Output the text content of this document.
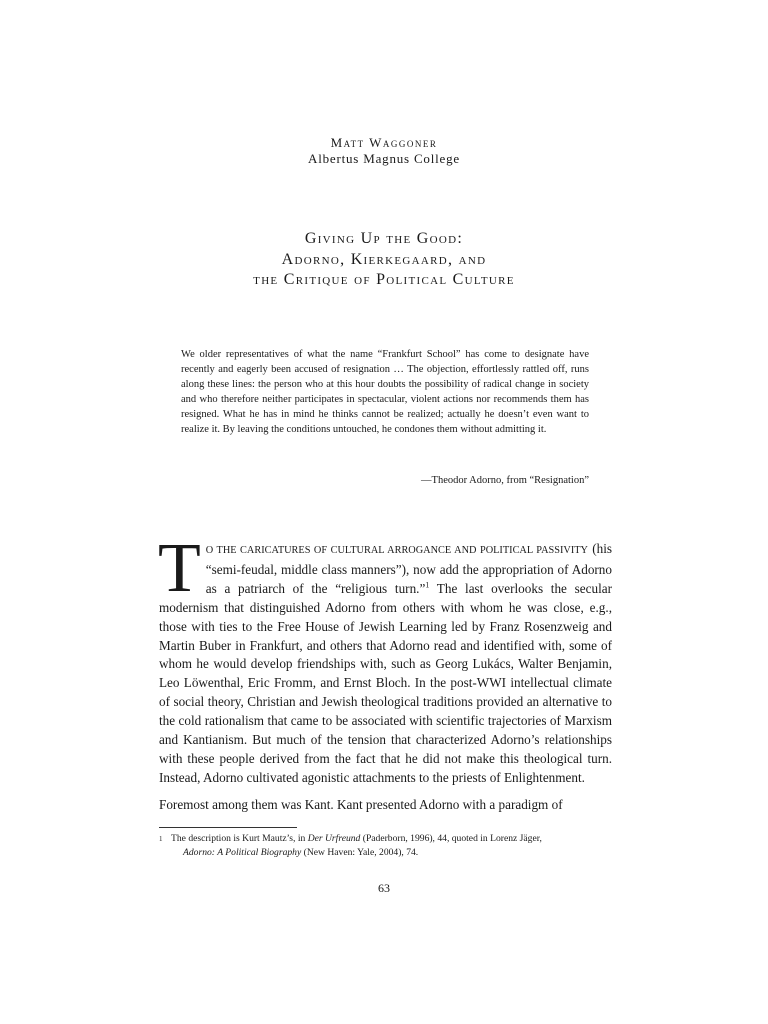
Matt Waggoner
Albertus Magnus College
Giving Up the Good:
Adorno, Kierkegaard, and
the Critique of Political Culture
We older representatives of what the name “Frankfurt School” has come to designate have recently and eagerly been accused of resignation … The objection, effortlessly rattled off, runs along these lines: the person who at this hour doubts the possibility of radical change in society and who therefore neither participates in spectacular, violent actions nor recommends them has resigned. What he has in mind he thinks cannot be realized; actually he doesn’t even want to realize it. By leaving the conditions untouched, he condones them without admitting it.
—Theodor Adorno, from “Resignation”
T O THE CARICATURES OF CULTURAL ARROGANCE AND POLITICAL PASSIVITY (his “semi-feudal, middle class manners”), now add the appropriation of Adorno as a patriarch of the “religious turn.”$^1$ The last overlooks the secular modernism that distinguished Adorno from others with whom he was close, e.g., those with ties to the Free House of Jewish Learning led by Franz Rosenzweig and Martin Buber in Frankfurt, and others that Adorno read and identified with, some of whom he would develop friendships with, such as Georg Lukács, Walter Benjamin, Leo Löwenthal, Eric Fromm, and Ernst Bloch. In the post-WWI intellectual climate of social theory, Christian and Jewish theological traditions provided an alternative to the cold rationalism that came to be associated with scientific trajectories of Marxism and Kantianism. But much of the tension that characterized Adorno’s relationships with these people derived from the fact that he did not make this theological turn. Instead, Adorno cultivated agonistic attachments to the priests of Enlightenment.
Foremost among them was Kant. Kant presented Adorno with a paradigm of
1 The description is Kurt Mautz’s, in Der Urfreund (Paderborn, 1996), 44, quoted in Lorenz Jäger,
Adorno: A Political Biography (New Haven: Yale, 2004), 74.
63
